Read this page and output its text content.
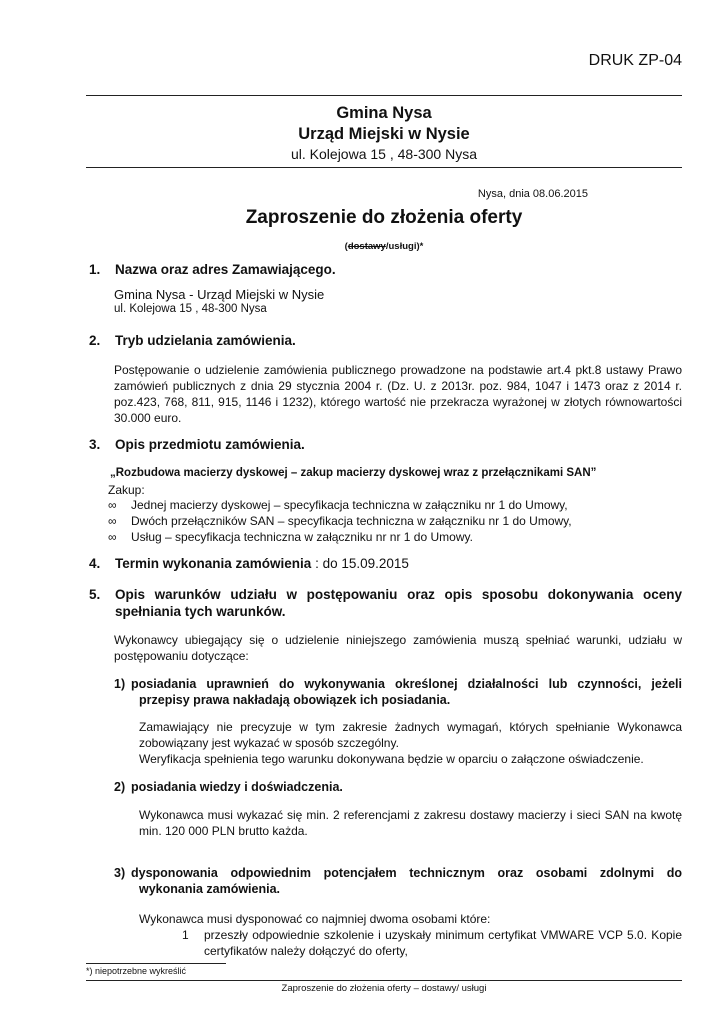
DRUK ZP-04
Gmina Nysa
Urząd Miejski w Nysie
ul. Kolejowa 15 , 48-300 Nysa
Nysa, dnia 08.06.2015
Zaproszenie do złożenia oferty
(dostawy/usługi)*
1. Nazwa oraz adres Zamawiającego.
Gmina Nysa - Urząd Miejski w Nysie
ul. Kolejowa 15 , 48-300 Nysa
2. Tryb udzielania zamówienia.
Postępowanie o udzielenie zamówienia publicznego prowadzone na podstawie art.4 pkt.8 ustawy Prawo zamówień publicznych z dnia 29 stycznia 2004 r. (Dz. U. z 2013r. poz. 984, 1047 i 1473 oraz z 2014 r. poz.423, 768, 811, 915, 1146 i 1232), którego wartość nie przekracza wyrażonej w złotych równowartości 30.000 euro.
3. Opis przedmiotu zamówienia.
„Rozbudowa macierzy dyskowej – zakup macierzy dyskowej wraz z przełącznikami SAN”
Zakup:
∞ Jednej macierzy dyskowej – specyfikacja techniczna w załączniku nr 1 do Umowy,
∞ Dwóch przełączników SAN – specyfikacja techniczna w załączniku nr 1 do Umowy,
∞ Usług – specyfikacja techniczna w załączniku nr nr 1 do Umowy.
4. Termin wykonania zamówienia : do 15.09.2015
5. Opis warunków udziału w postępowaniu oraz opis sposobu dokonywania oceny
spełniania tych warunków.
Wykonawcy ubiegający się o udzielenie niniejszego zamówienia muszą spełniać warunki, udziału w postępowaniu dotyczące:
1) posiadania uprawnień do wykonywania określonej działalności lub czynności, jeżeli
przepisy prawa nakładają obowiązek ich posiadania.
Zamawiający nie precyzuje w tym zakresie żadnych wymagań, których spełnianie Wykonawca zobowiązany jest wykazać w sposób szczególny.
Weryfikacja spełnienia tego warunku dokonywana będzie w oparciu o załączone oświadczenie.
2) posiadania wiedzy i doświadczenia.
Wykonawca musi wykazać się min. 2 referencjami z zakresu dostawy macierzy i sieci SAN na kwotę min. 120 000 PLN brutto każda.
3) dysponowania odpowiednim potencjałem technicznym oraz osobami zdolnymi do
wykonania zamówienia.
Wykonawca musi dysponować co najmniej dwoma osobami które:
1 przeszły odpowiednie szkolenie i uzyskały minimum certyfikat VMWARE VCP 5.0. Kopie certyfikatów należy dołączyć do oferty,
*) niepotrzebne wykreślić
Zaproszenie do złożenia oferty – dostawy/ usługi
